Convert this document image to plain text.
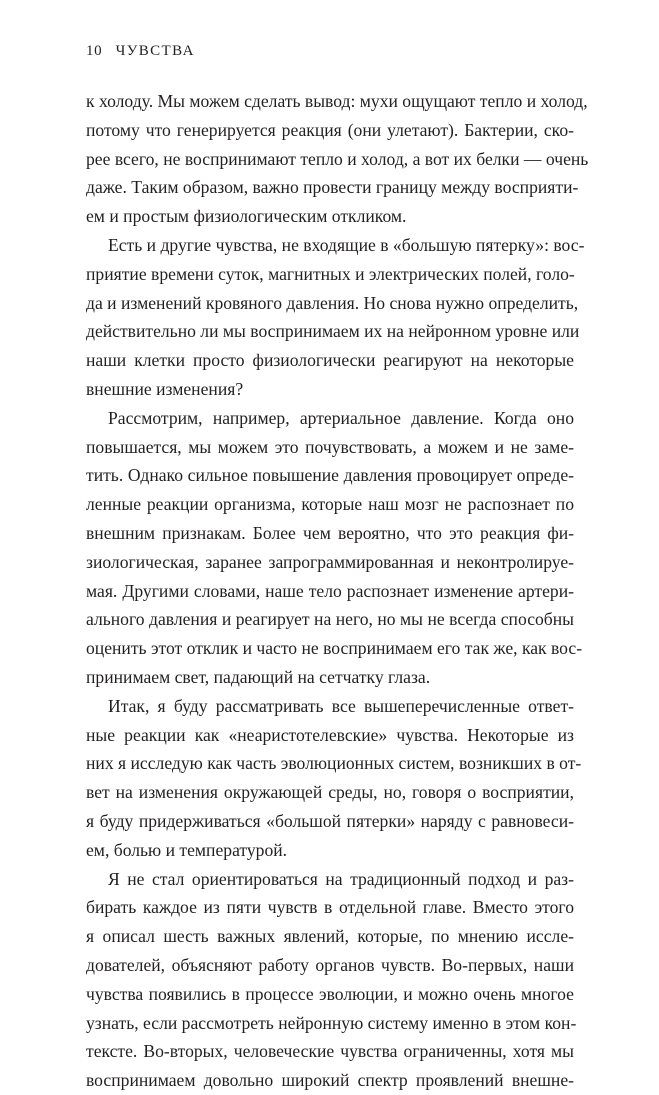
10 ЧУВСТВА
к холоду. Мы можем сделать вывод: мухи ощущают тепло и холод,
потому что генерируется реакция (они улетают). Бактерии, ско-
рее всего, не воспринимают тепло и холод, а вот их белки — очень
даже. Таким образом, важно провести границу между восприяти-
ем и простым физиологическим откликом.
Есть и другие чувства, не входящие в «большую пятерку»: вос-
приятие времени суток, магнитных и электрических полей, голо-
да и изменений кровяного давления. Но снова нужно определить,
действительно ли мы воспринимаем их на нейронном уровне или
наши клетки просто физиологически реагируют на некоторые
внешние изменения?
Рассмотрим, например, артериальное давление. Когда оно
повышается, мы можем это почувствовать, а можем и не заме-
тить. Однако сильное повышение давления провоцирует опреде-
ленные реакции организма, которые наш мозг не распознает по
внешним признакам. Более чем вероятно, что это реакция фи-
зиологическая, заранее запрограммированная и неконтролируе-
мая. Другими словами, наше тело распознает изменение артери-
ального давления и реагирует на него, но мы не всегда способны
оценить этот отклик и часто не воспринимаем его так же, как вос-
принимаем свет, падающий на сетчатку глаза.
Итак, я буду рассматривать все вышеперечисленные ответ-
ные реакции как «неаристотелевские» чувства. Некоторые из
них я исследую как часть эволюционных систем, возникших в от-
вет на изменения окружающей среды, но, говоря о восприятии,
я буду придерживаться «большой пятерки» наряду с равновеси-
ем, болью и температурой.
Я не стал ориентироваться на традиционный подход и раз-
бирать каждое из пяти чувств в отдельной главе. Вместо этого
я описал шесть важных явлений, которые, по мнению иссле-
дователей, объясняют работу органов чувств. Во-первых, наши
чувства появились в процессе эволюции, и можно очень многое
узнать, если рассмотреть нейронную систему именно в этом кон-
тексте. Во-вторых, человеческие чувства ограниченны, хотя мы
воспринимаем довольно широкий спектр проявлений внешне-
